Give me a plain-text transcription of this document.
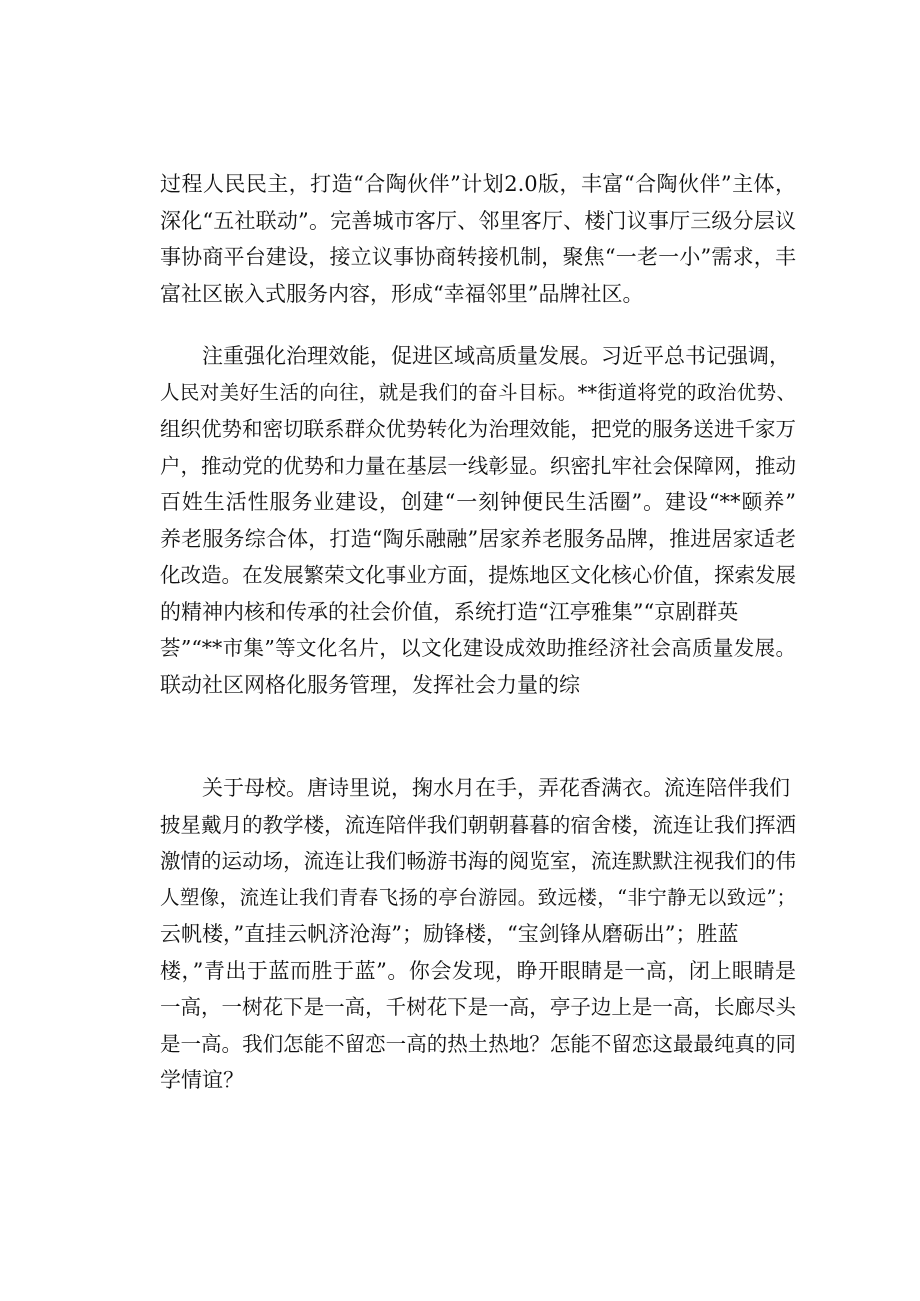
过程人民民主，打造“合陶伙伴”计划2.0版，丰富“合陶伙伴”主体，
深化“五社联动”。完善城市客厅、邻里客厅、楼门议事厅三级分层议
事协商平台建设，接立议事协商转接机制，聚焦“一老一小”需求，丰
富社区嵌入式服务内容，形成“幸福邻里”品牌社区。
注重强化治理效能，促进区域高质量发展。习近平总书记强调，
人民对美好生活的向往，就是我们的奋斗目标。**街道将党的政治优势、
组织优势和密切联系群众优势转化为治理效能，把党的服务送进千家万
户，推动党的优势和力量在基层一线彰显。织密扎牢社会保障网，推动
百姓生活性服务业建设，创建“一刻钟便民生活圈”。建设“**颐养”
养老服务综合体，打造“陶乐融融”居家养老服务品牌，推进居家适老
化改造。在发展繁荣文化事业方面，提炼地区文化核心价值，探索发展
的精神内核和传承的社会价值，系统打造“江亭雅集”“京剧群英
荟”“**市集”等文化名片，以文化建设成效助推经济社会高质量发展。
联动社区网格化服务管理，发挥社会力量的综
关于母校。唐诗里说，掬水月在手，弄花香满衣。流连陪伴我们
披星戴月的教学楼，流连陪伴我们朝朝暮暮的宿舍楼，流连让我们挥洒
激情的运动场，流连让我们畅游书海的阅览室，流连默默注视我们的伟
人塑像，流连让我们青春飞扬的亭台游园。致远楼，“非宁静无以致远”；
云帆楼，”直挂云帆济沧海”；励锋楼，“宝剑锋从磨砺出”；胜蓝
楼，”青出于蓝而胜于蓝”。你会发现，睁开眼睛是一高，闭上眼睛是
一高，一树花下是一高，千树花下是一高，亭子边上是一高，长廊尽头
是一高。我们怎能不留恋一高的热土热地？怎能不留恋这最最纯真的同
学情谊？
